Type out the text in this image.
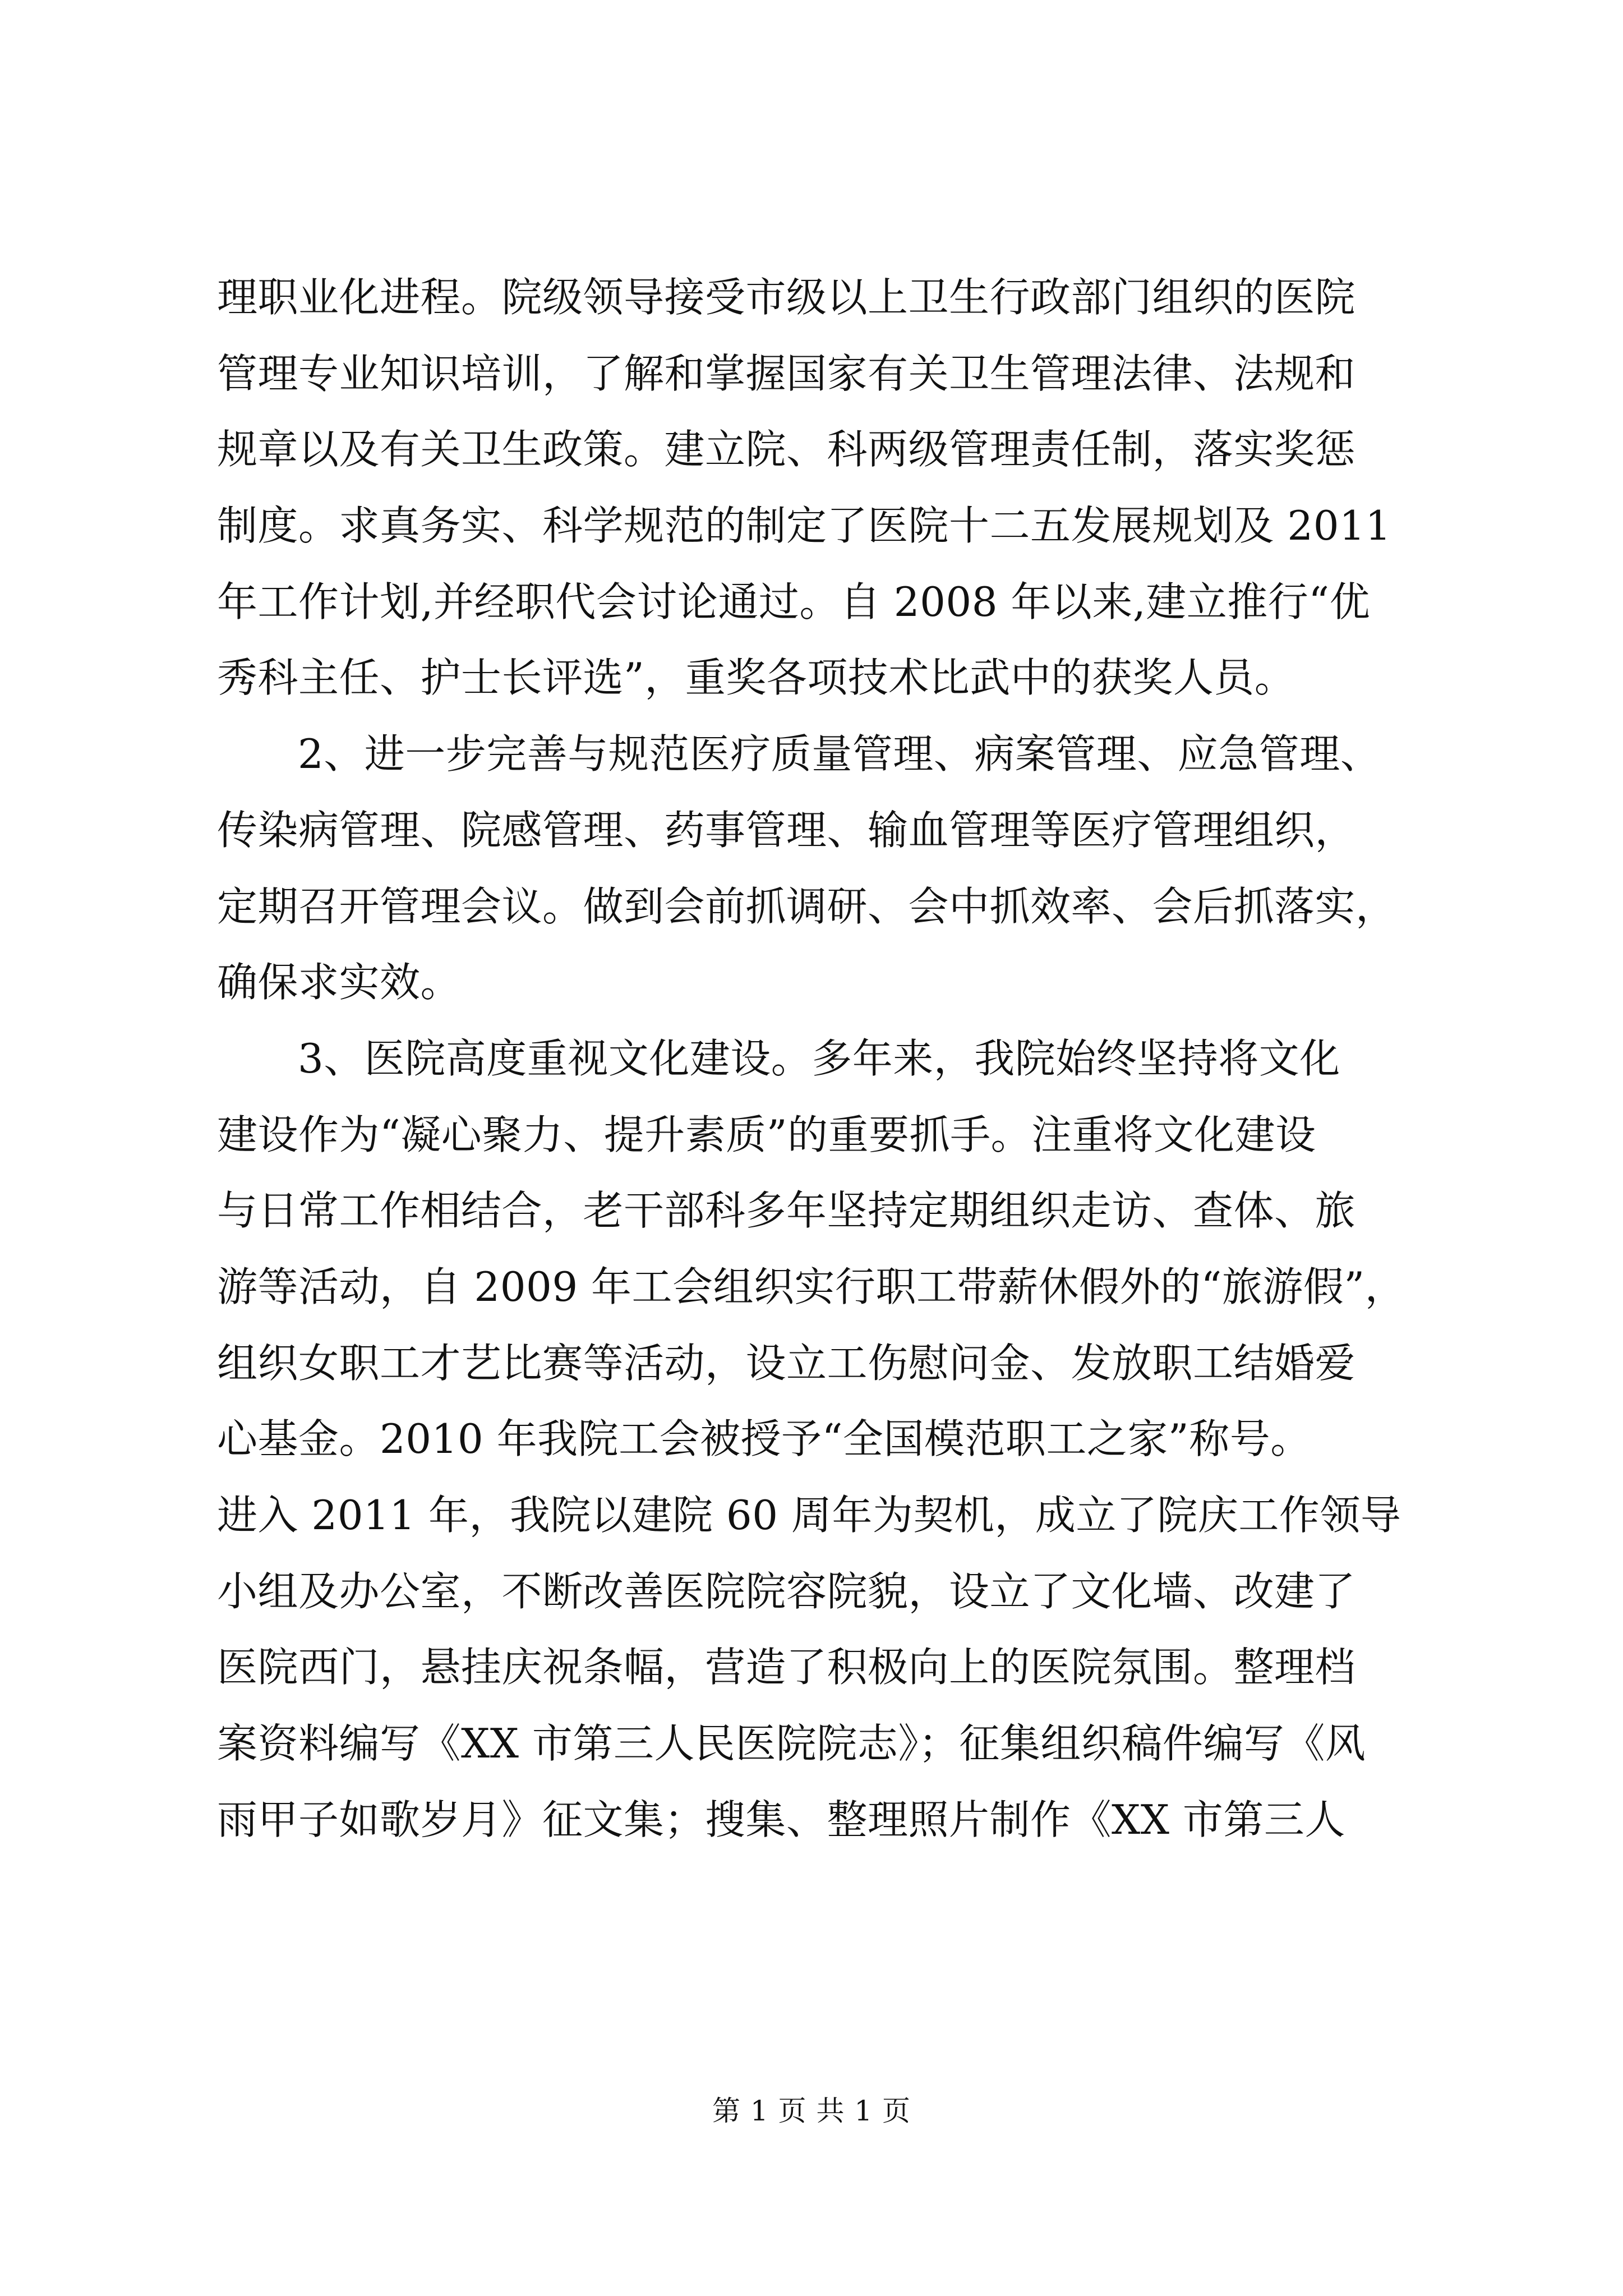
理职业化进程。院级领导接受市级以上卫生行政部门组织的医院
管理专业知识培训，了解和掌握国家有关卫生管理法律、法规和
规章以及有关卫生政策。建立院、科两级管理责任制，落实奖惩
制度。求真务实、科学规范的制定了医院十二五发展规划及 2011
年工作计划,并经职代会讨论通过。自 2008 年以来,建立推行“优
秀科主任、护士长评选”，重奖各项技术比武中的获奖人员。
2、进一步完善与规范医疗质量管理、病案管理、应急管理、
传染病管理、院感管理、药事管理、输血管理等医疗管理组织，
定期召开管理会议。做到会前抓调研、会中抓效率、会后抓落实，
确保求实效。
3、医院高度重视文化建设。多年来，我院始终坚持将文化
建设作为“凝心聚力、提升素质”的重要抓手。注重将文化建设
与日常工作相结合，老干部科多年坚持定期组织走访、查体、旅
游等活动，自 2009 年工会组织实行职工带薪休假外的“旅游假”，
组织女职工才艺比赛等活动，设立工伤慰问金、发放职工结婚爱
心基金。2010 年我院工会被授予“全国模范职工之家”称号。
进入 2011 年，我院以建院 60 周年为契机，成立了院庆工作领导
小组及办公室，不断改善医院院容院貌，设立了文化墙、改建了
医院西门，悬挂庆祝条幅，营造了积极向上的医院氛围。整理档
案资料编写《XX 市第三人民医院院志》；征集组织稿件编写《风
雨甲子如歌岁月》征文集；搜集、整理照片制作《XX 市第三人
第 1 页 共 1 页
